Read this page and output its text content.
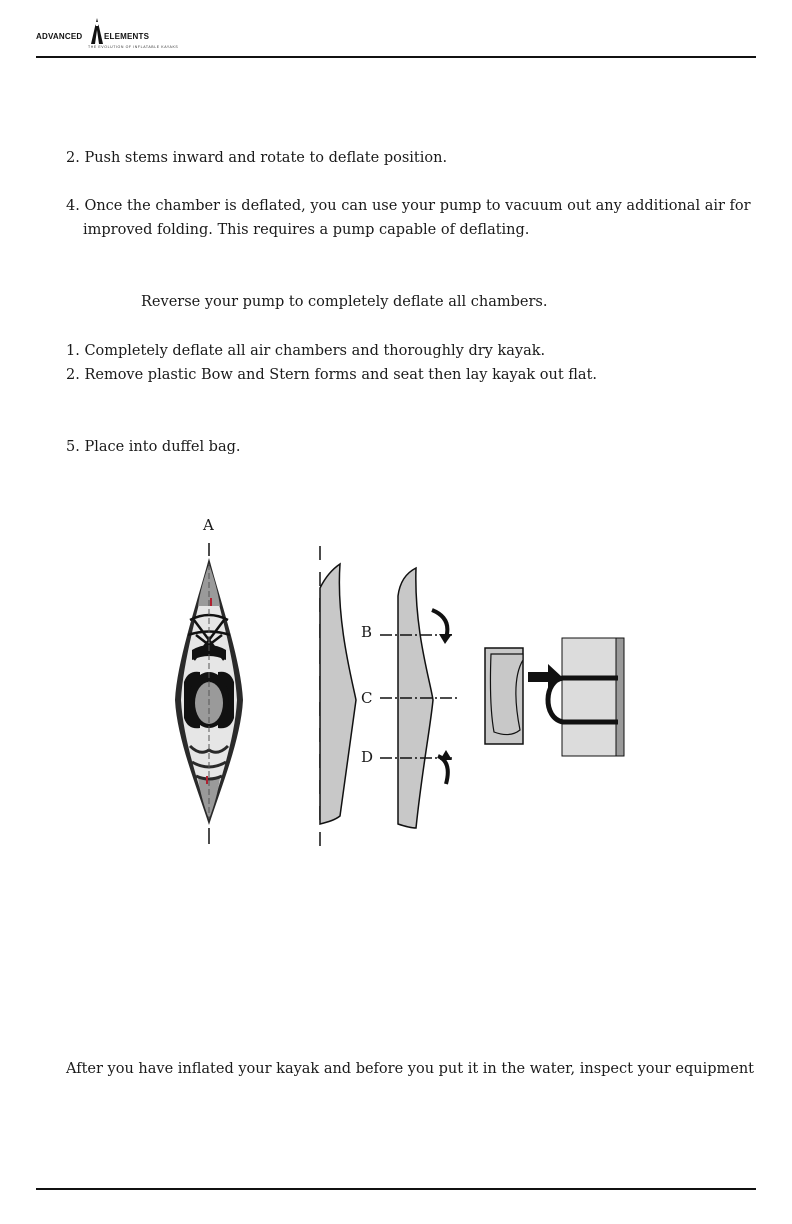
ADVANCED	ELEMENTS
THE EVOLUTION OF INFLATABLE KAYAKS
2. Push stems inward and rotate to deflate position.
4. Once the chamber is deflated, you can use your pump to vacuum out any additional air for
improved folding. This requires a pump capable of deflating.
Reverse your pump to completely deflate all chambers.
1. Completely deflate all air chambers and thoroughly dry kayak.
2. Remove plastic Bow and Stern forms and seat then lay kayak out flat.
5. Place into duffel bag.
A
B
C
D
After you have inflated your kayak and before you put it in the water, inspect your equipment
